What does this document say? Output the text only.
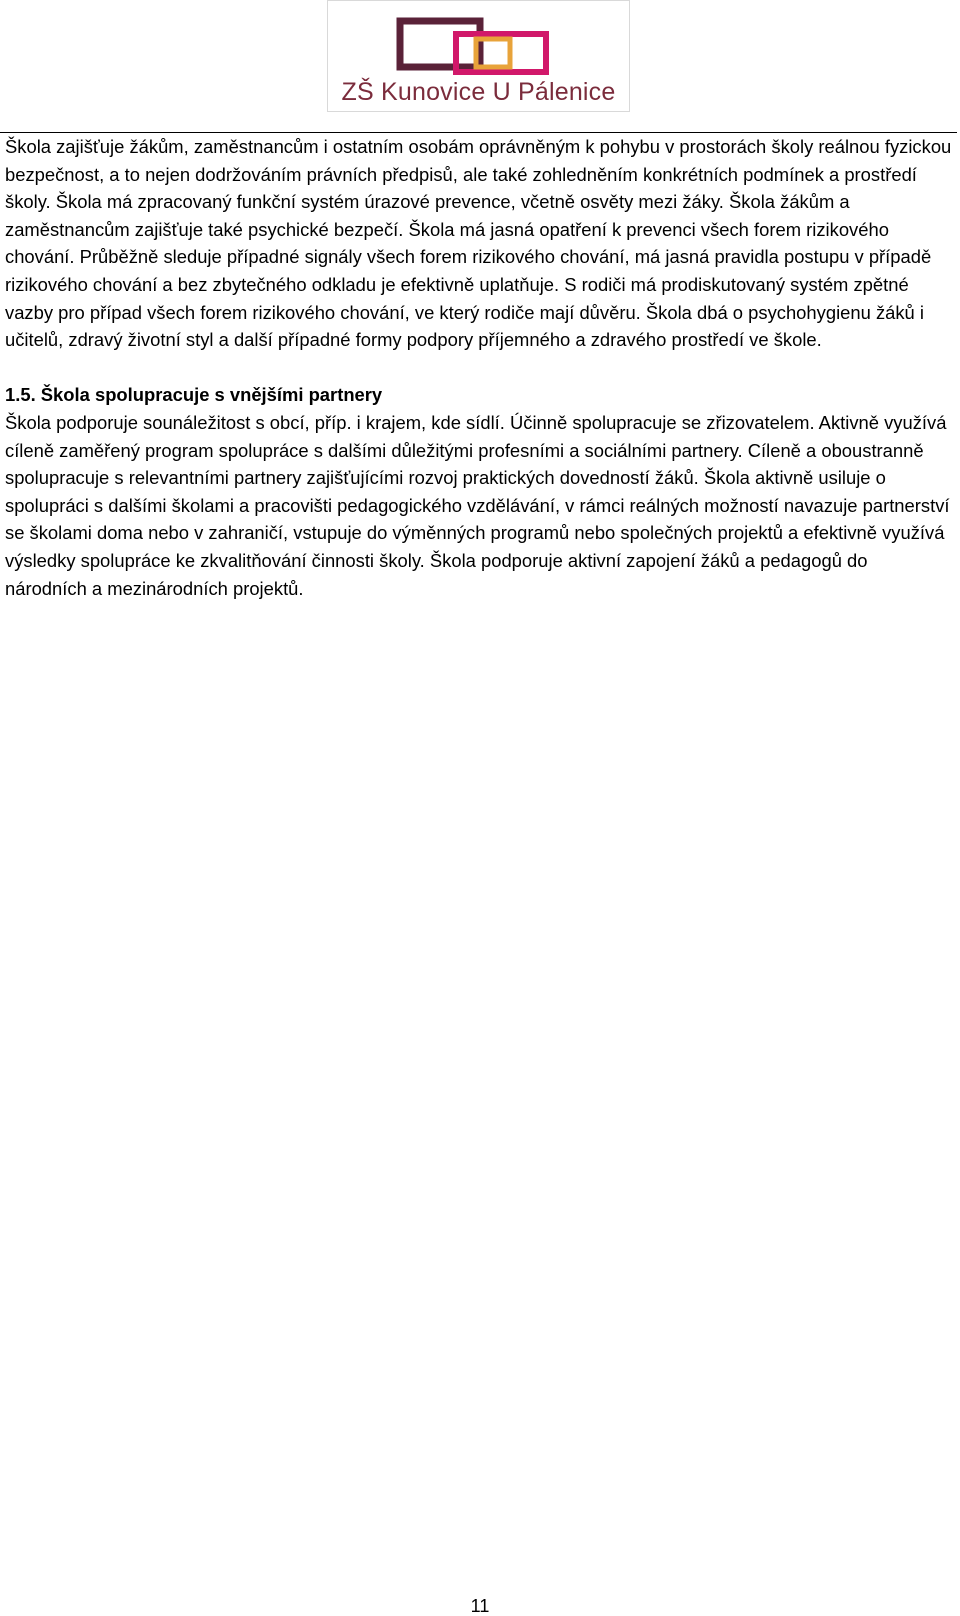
ZŠ Kunovice U Pálenice

Škola zajišťuje žákům, zaměstnancům i ostatním osobám oprávněným k pohybu v prostorách školy reálnou fyzickou bezpečnost, a to nejen dodržováním právních předpisů, ale také zohledněním konkrétních podmínek a prostředí školy. Škola má zpracovaný funkční systém úrazové prevence, včetně osvěty mezi žáky. Škola žákům a zaměstnancům zajišťuje také psychické bezpečí. Škola má jasná opatření k prevenci všech forem rizikového chování. Průběžně sleduje případné signály všech forem rizikového chování, má jasná pravidla postupu v případě rizikového chování a bez zbytečného odkladu je efektivně uplatňuje. S rodiči má prodiskutovaný systém zpětné vazby pro případ všech forem rizikového chování, ve který rodiče mají důvěru. Škola dbá o psychohygienu žáků i učitelů, zdravý životní styl a další případné formy podpory příjemného a zdravého prostředí ve škole.

1.5. Škola spolupracuje s vnějšími partnery

Škola podporuje sounáležitost s obcí, příp. i krajem, kde sídlí. Účinně spolupracuje se zřizovatelem. Aktivně využívá cíleně zaměřený program spolupráce s dalšími důležitými profesními a sociálními partnery. Cíleně a oboustranně spolupracuje s relevantními partnery zajišťujícími rozvoj praktických dovedností žáků. Škola aktivně usiluje o spolupráci s dalšími školami a pracovišti pedagogického vzdělávání, v rámci reálných možností navazuje partnerství se školami doma nebo v zahraničí, vstupuje do výměnných programů nebo společných projektů a efektivně využívá výsledky spolupráce ke zkvalitňování činnosti školy. Škola podporuje aktivní zapojení žáků a pedagogů do národních a mezinárodních projektů.

11
